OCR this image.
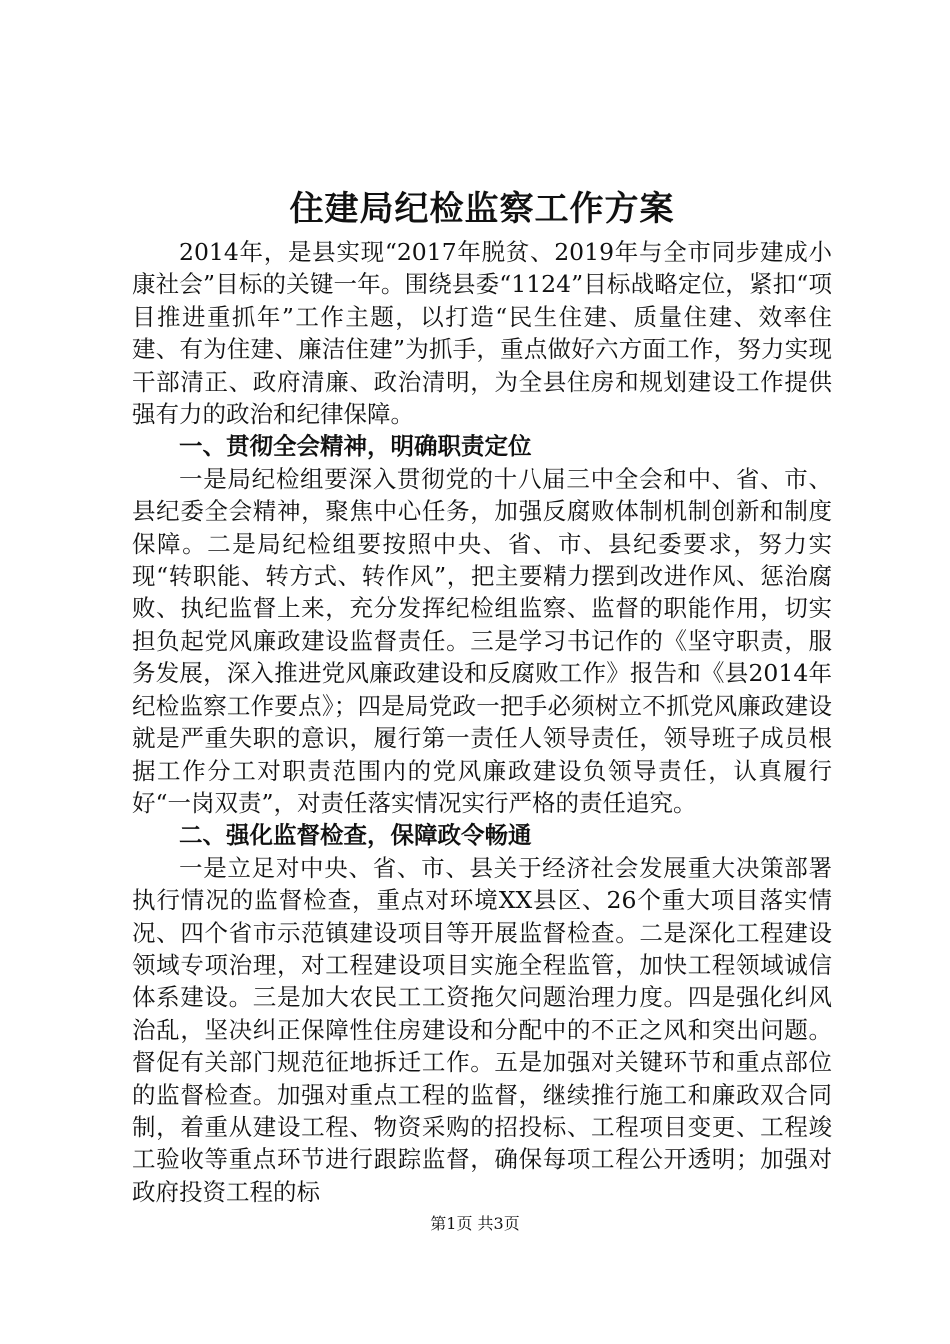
住建局纪检监察工作方案

2014年，是县实现“2017年脱贫、2019年与全市同步建成小康社会”目标的关键一年。围绕县委“1124”目标战略定位，紧扣“项目推进重抓年”工作主题，以打造“民生住建、质量住建、效率住建、有为住建、廉洁住建”为抓手，重点做好六方面工作，努力实现干部清正、政府清廉、政治清明，为全县住房和规划建设工作提供强有力的政治和纪律保障。

一、贯彻全会精神，明确职责定位

一是局纪检组要深入贯彻党的十八届三中全会和中、省、市、县纪委全会精神，聚焦中心任务，加强反腐败体制机制创新和制度保障。二是局纪检组要按照中央、省、市、县纪委要求，努力实现“转职能、转方式、转作风”，把主要精力摆到改进作风、惩治腐败、执纪监督上来，充分发挥纪检组监察、监督的职能作用，切实担负起党风廉政建设监督责任。三是学习书记作的《坚守职责，服务发展，深入推进党风廉政建设和反腐败工作》报告和《县2014年纪检监察工作要点》；四是局党政一把手必须树立不抓党风廉政建设就是严重失职的意识，履行第一责任人领导责任，领导班子成员根据工作分工对职责范围内的党风廉政建设负领导责任，认真履行好“一岗双责”，对责任落实情况实行严格的责任追究。

二、强化监督检查，保障政令畅通

一是立足对中央、省、市、县关于经济社会发展重大决策部署执行情况的监督检查，重点对环境XX县区、26个重大项目落实情况、四个省市示范镇建设项目等开展监督检查。二是深化工程建设领域专项治理，对工程建设项目实施全程监管，加快工程领域诚信体系建设。三是加大农民工工资拖欠问题治理力度。四是强化纠风治乱，坚决纠正保障性住房建设和分配中的不正之风和突出问题。督促有关部门规范征地拆迁工作。五是加强对关键环节和重点部位的监督检查。加强对重点工程的监督，继续推行施工和廉政双合同制，着重从建设工程、物资采购的招投标、工程项目变更、工程竣工验收等重点环节进行跟踪监督，确保每项工程公开透明；加强对政府投资工程的标

第1页 共3页
